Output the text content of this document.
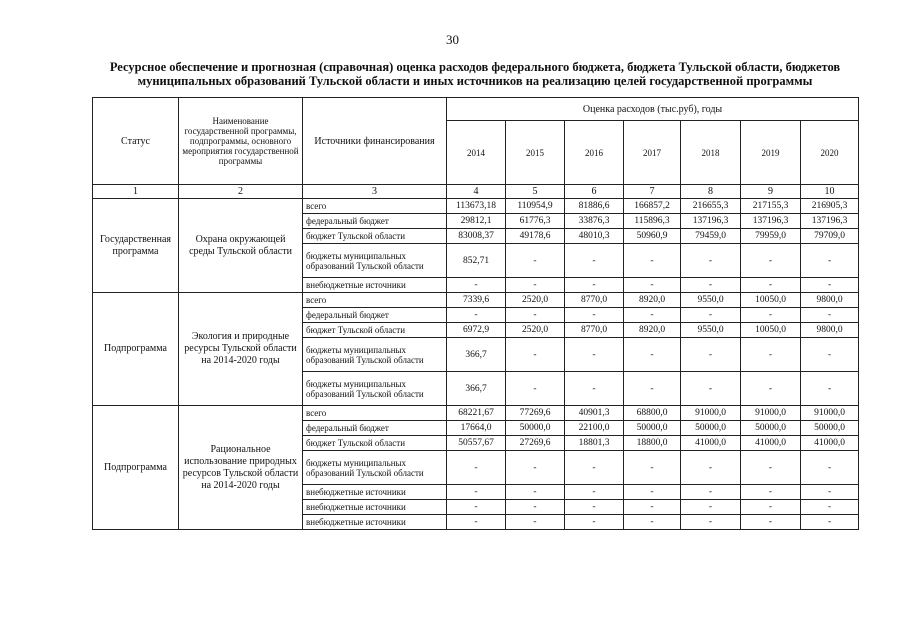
30
Ресурсное обеспечение и прогнозная (справочная) оценка расходов федерального бюджета, бюджета Тульской области, бюджетов муниципальных образований Тульской области и иных источников на реализацию целей государственной программы
Статус	Наименование государственной программы, подпрограммы, основного мероприятия государственной программы	Источники финансирования	Оценка расходов (тыс.руб), годы						
			2014	2015	2016	2017	2018	2019	2020
1	2	3	4	5	6	7	8	9	10
Государственная программа	Охрана окружающей среды Тульской области	всего	113673,18	110954,9	81886,6	166857,2	216655,3	217155,3	216905,3
		федеральный бюджет	29812,1	61776,3	33876,3	115896,3	137196,3	137196,3	137196,3
		бюджет Тульской области	83008,37	49178,6	48010,3	50960,9	79459,0	79959,0	79709,0
		бюджеты муниципальных образований Тульской области	852,71	-	-	-	-	-	-
		внебюджетные источники	-	-	-	-	-	-	-
Подпрограмма	Экология и природные ресурсы Тульской области на 2014-2020 годы	всего	7339,6	2520,0	8770,0	8920,0	9550,0	10050,0	9800,0
		федеральный бюджет	-	-	-	-	-	-	-
		бюджет Тульской области	6972,9	2520,0	8770,0	8920,0	9550,0	10050,0	9800,0
		бюджеты муниципальных образований Тульской области	366,7	-	-	-	-	-	-
		бюджеты муниципальных образований Тульской области	366,7	-	-	-	-	-	-
Подпрограмма	Рациональное использование природных ресурсов Тульской области на 2014-2020 годы	всего	68221,67	77269,6	40901,3	68800,0	91000,0	91000,0	91000,0
		федеральный бюджет	17664,0	50000,0	22100,0	50000,0	50000,0	50000,0	50000,0
		бюджет Тульской области	50557,67	27269,6	18801,3	18800,0	41000,0	41000,0	41000,0
		бюджеты муниципальных образований Тульской области	-	-	-	-	-	-	-
		внебюджетные источники	-	-	-	-	-	-	-
		внебюджетные источники	-	-	-	-	-	-	-
		внебюджетные источники	-	-	-	-	-	-	-
